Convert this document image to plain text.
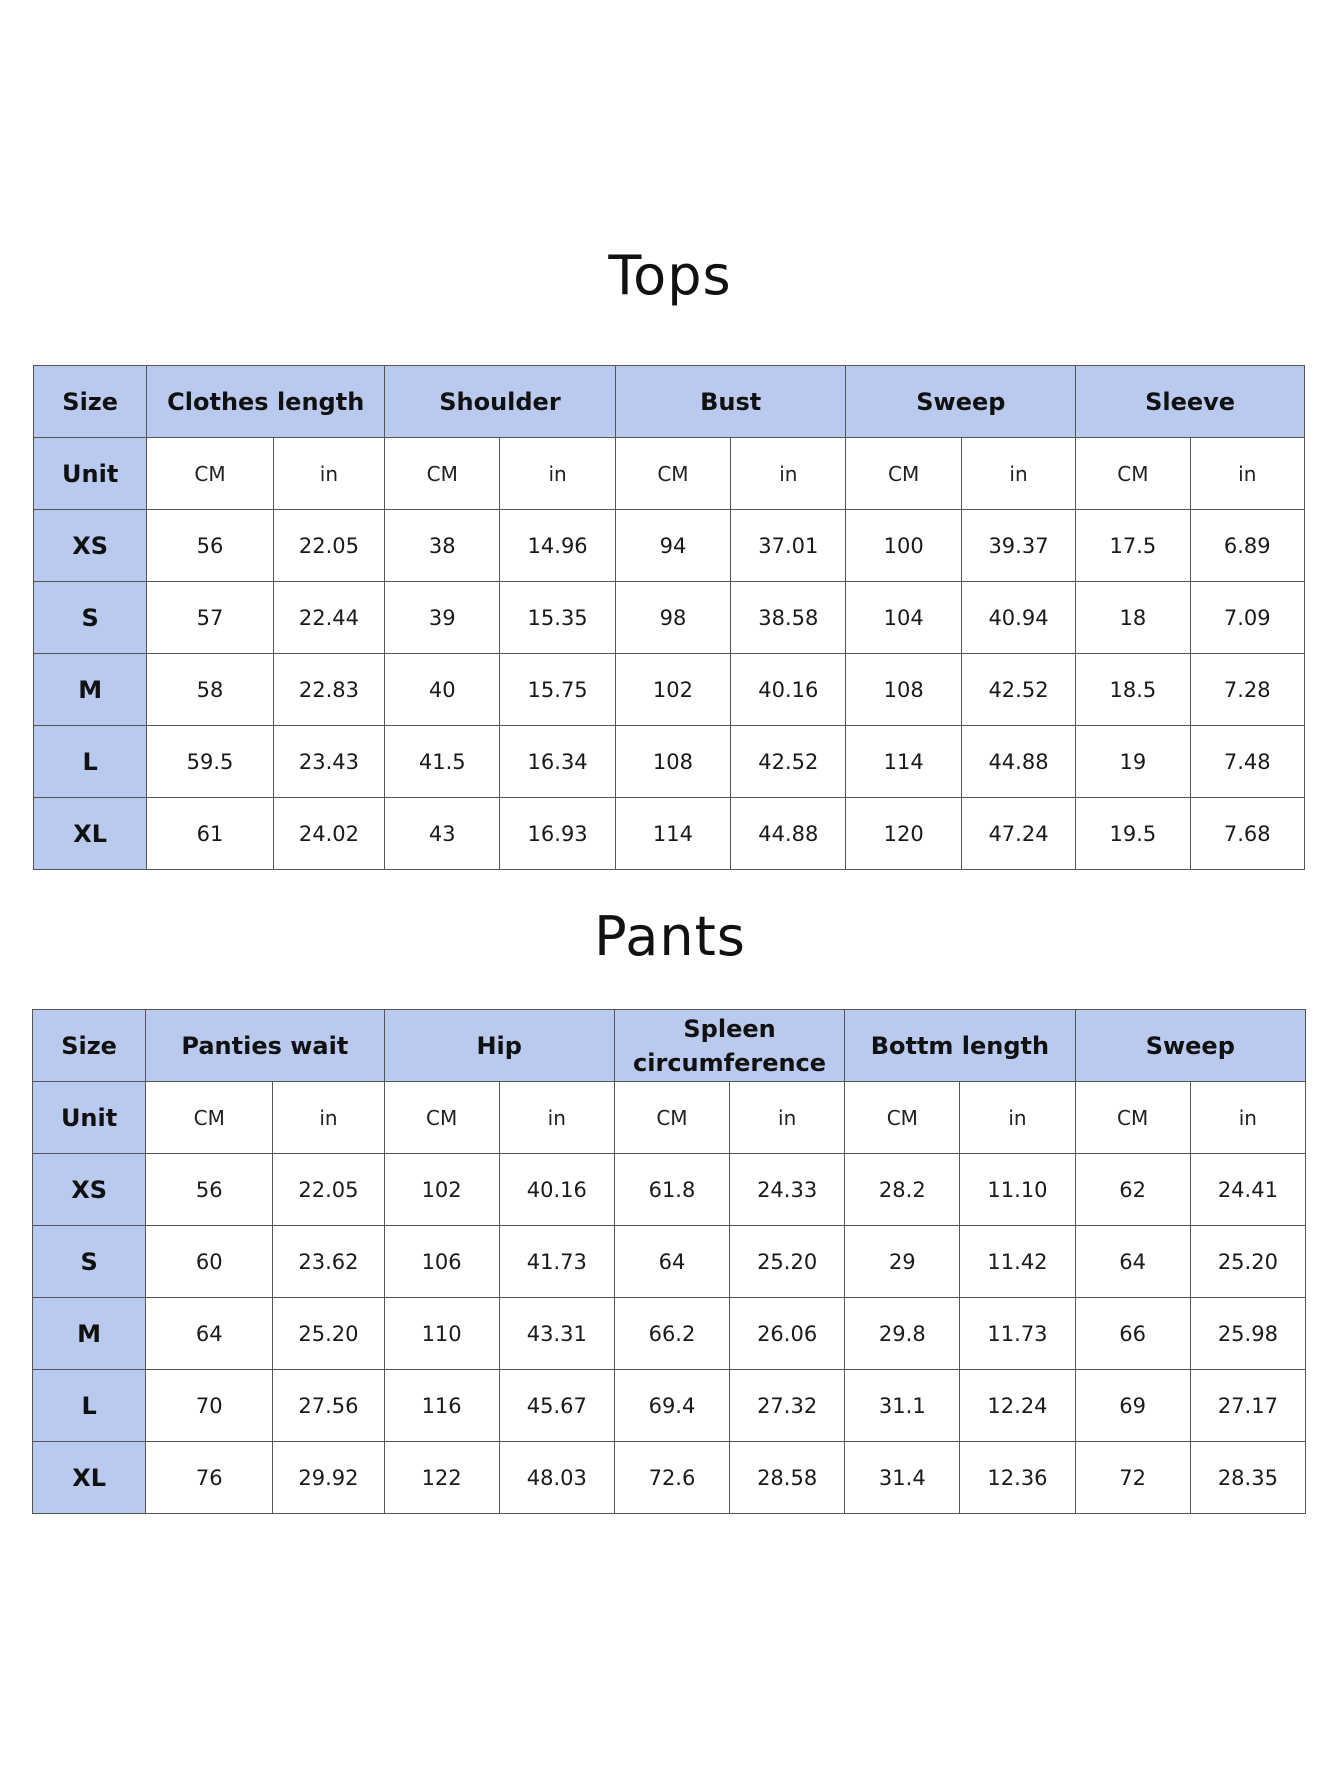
Tops
Size	Clothes length		Shoulder		Bust		Sweep		Sleeve	
Unit	CM	in	CM	in	CM	in	CM	in	CM	in
XS	56	22.05	38	14.96	94	37.01	100	39.37	17.5	6.89
S	57	22.44	39	15.35	98	38.58	104	40.94	18	7.09
M	58	22.83	40	15.75	102	40.16	108	42.52	18.5	7.28
L	59.5	23.43	41.5	16.34	108	42.52	114	44.88	19	7.48
XL	61	24.02	43	16.93	114	44.88	120	47.24	19.5	7.68
Pants
Size	Panties wait		Hip		Spleen circumference		Bottm length		Sweep	
Unit	CM	in	CM	in	CM	in	CM	in	CM	in
XS	56	22.05	102	40.16	61.8	24.33	28.2	11.10	62	24.41
S	60	23.62	106	41.73	64	25.20	29	11.42	64	25.20
M	64	25.20	110	43.31	66.2	26.06	29.8	11.73	66	25.98
L	70	27.56	116	45.67	69.4	27.32	31.1	12.24	69	27.17
XL	76	29.92	122	48.03	72.6	28.58	31.4	12.36	72	28.35
